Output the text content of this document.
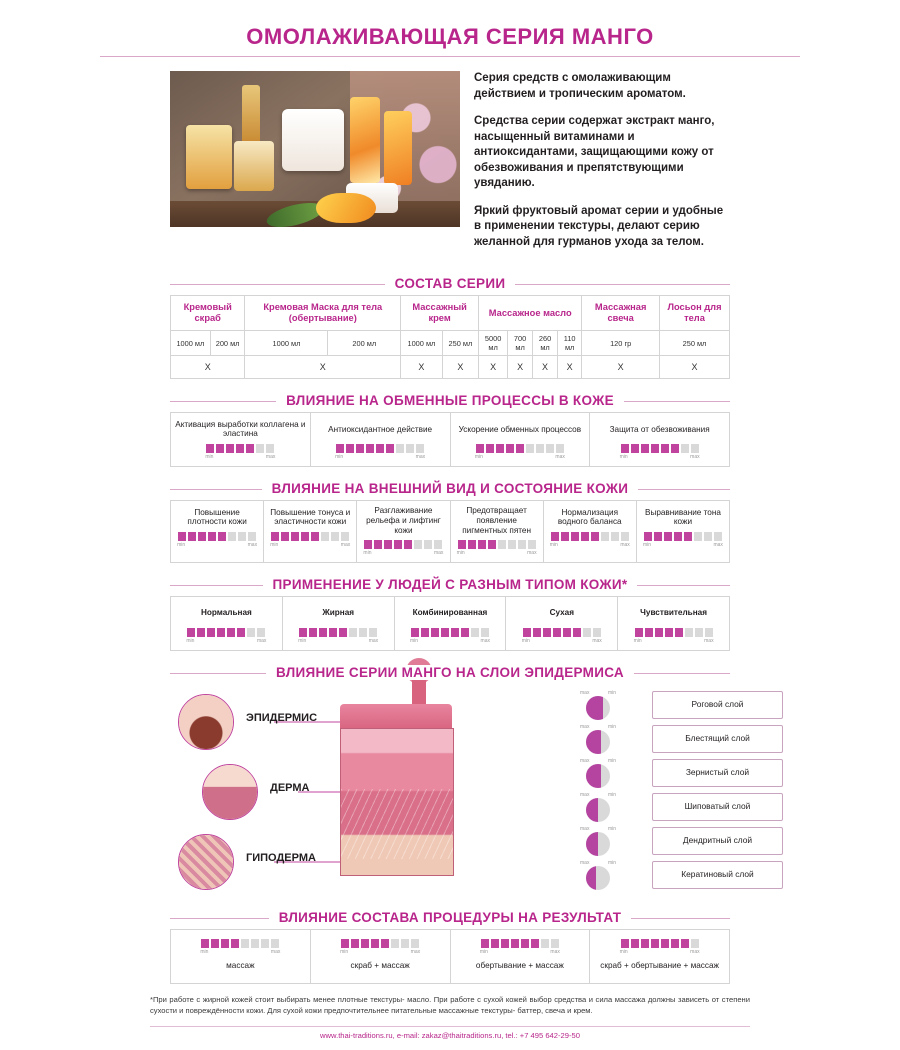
ОМОЛАЖИВАЮЩАЯ СЕРИЯ МАНГО

Серия средств с омолаживающим действием и тропическим ароматом.

Средства серии содержат экстракт манго, насыщенный витаминами и антиоксидантами, защищающими кожу от обезвоживания и препятствующими увяданию.

Яркий фруктовый аромат серии и удобные в применении текстуры, делают серию желанной для гурманов ухода за телом.

СОСТАВ СЕРИИ
Кремовый скраб		Кремовая Маска для тела (обертывание)		Массажный крем		Массажное масло				Массажная свеча	Лосьон для тела
1000 мл	200 мл	1000 мл	200 мл	1000 мл	250 мл	5000 мл	700 мл	260 мл	110 мл	120 гр	250 мл
X		X		X	X	X	X	X	X	X	X
ВЛИЯНИЕ НА ОБМЕННЫЕ ПРОЦЕССЫ В КОЖЕ
Активация выработки коллагена и эластина
min	max
Антиоксидантное действие
min	max
Ускорение обменных процессов
min	max
Защита от обезвоживания
min	max
ВЛИЯНИЕ НА ВНЕШНИЙ ВИД И СОСТОЯНИЕ КОЖИ
Повышение плотности кожи
min	max
Повышение тонуса и эластичности кожи
min	max
Разглаживание рельефа и лифтинг кожи
min	max
Предотвращает появление пигментных пятен
min	max
Нормализация водного баланса
min	max
Выравнивание тона кожи
min	max
ПРИМЕНЕНИЕ У ЛЮДЕЙ С РАЗНЫМ ТИПОМ КОЖИ*
Нормальная
min	max
Жирная
min	max
Комбинированная
min	max
Сухая
min	max
Чувствительная
min	max
ВЛИЯНИЕ СЕРИИ МАНГО НА СЛОИ ЭПИДЕРМИСА
ЭПИДЕРМИС
ДЕРМА
ГИПОДЕРМА
max	min
Роговой слой
max	min
Блестящий слой
max	min
Зернистый слой
max	min
Шиповатый слой
max	min
Дендритный слой
max	min
Кератиновый слой
ВЛИЯНИЕ СОСТАВА ПРОЦЕДУРЫ НА РЕЗУЛЬТАТ
min	max
массаж
min	max
скраб + массаж
min	max
обертывание + массаж
min	max
скраб + обертывание + массаж
*При работе с жирной кожей стоит выбирать менее плотные текстуры- масло. При работе с сухой кожей выбор средства и сила массажа должны зависеть от степени сухости и повреждённости кожи. Для сухой кожи предпочтительнее питательные массажные текстуры- баттер, свеча и крем.
www.thai-traditions.ru, e-mail: zakaz@thaitraditions.ru, tel.: +7 495 642-29-50
